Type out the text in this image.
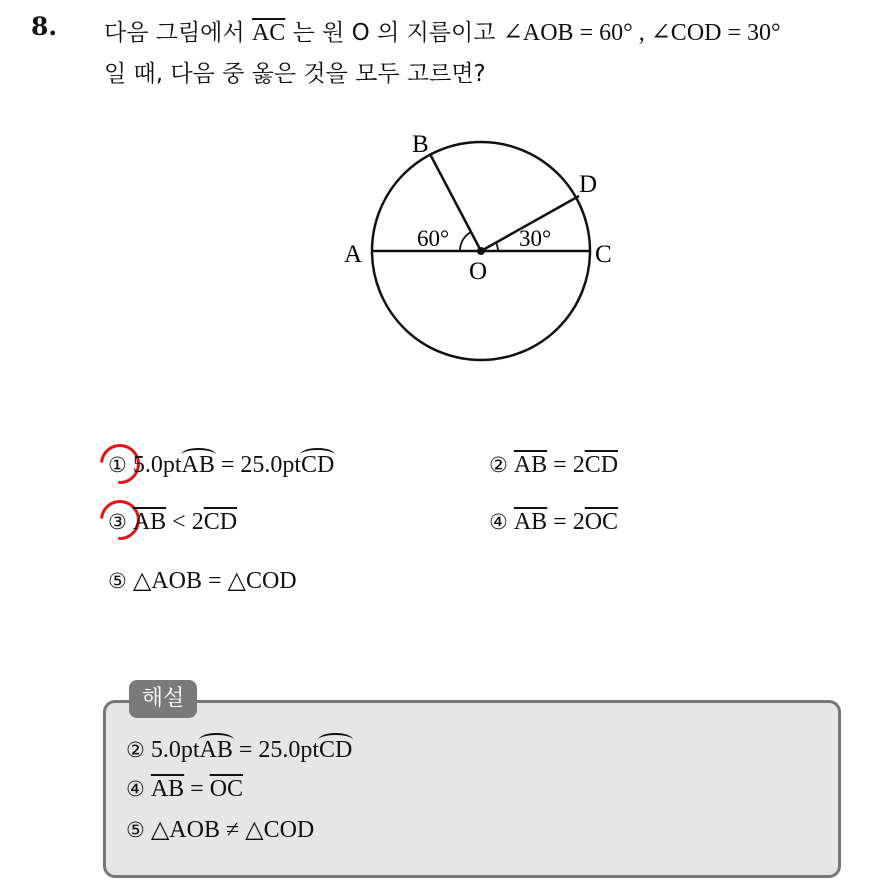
8. 다음 그림에서 $\overline{AC}$ 는 원 O 의 지름이고 ∠AOB = 60° , ∠COD = 30°
일 때, 다음 중 옳은 것을 모두 고르면?
A
B
C
D
O
60°	30°
① 5.0ptAB = 25.0ptCD	② $\overline{AB} = 2\overline{CD}$
③ $\overline{AB} < 2\overline{CD}$	④ $\overline{AB} = 2\overline{OC}$
⑤ △AOB = △COD
해설
② 5.0ptAB = 25.0ptCD
④ $\overline{AB} = \overline{OC}$
⑤ △AOB ≠ △COD
